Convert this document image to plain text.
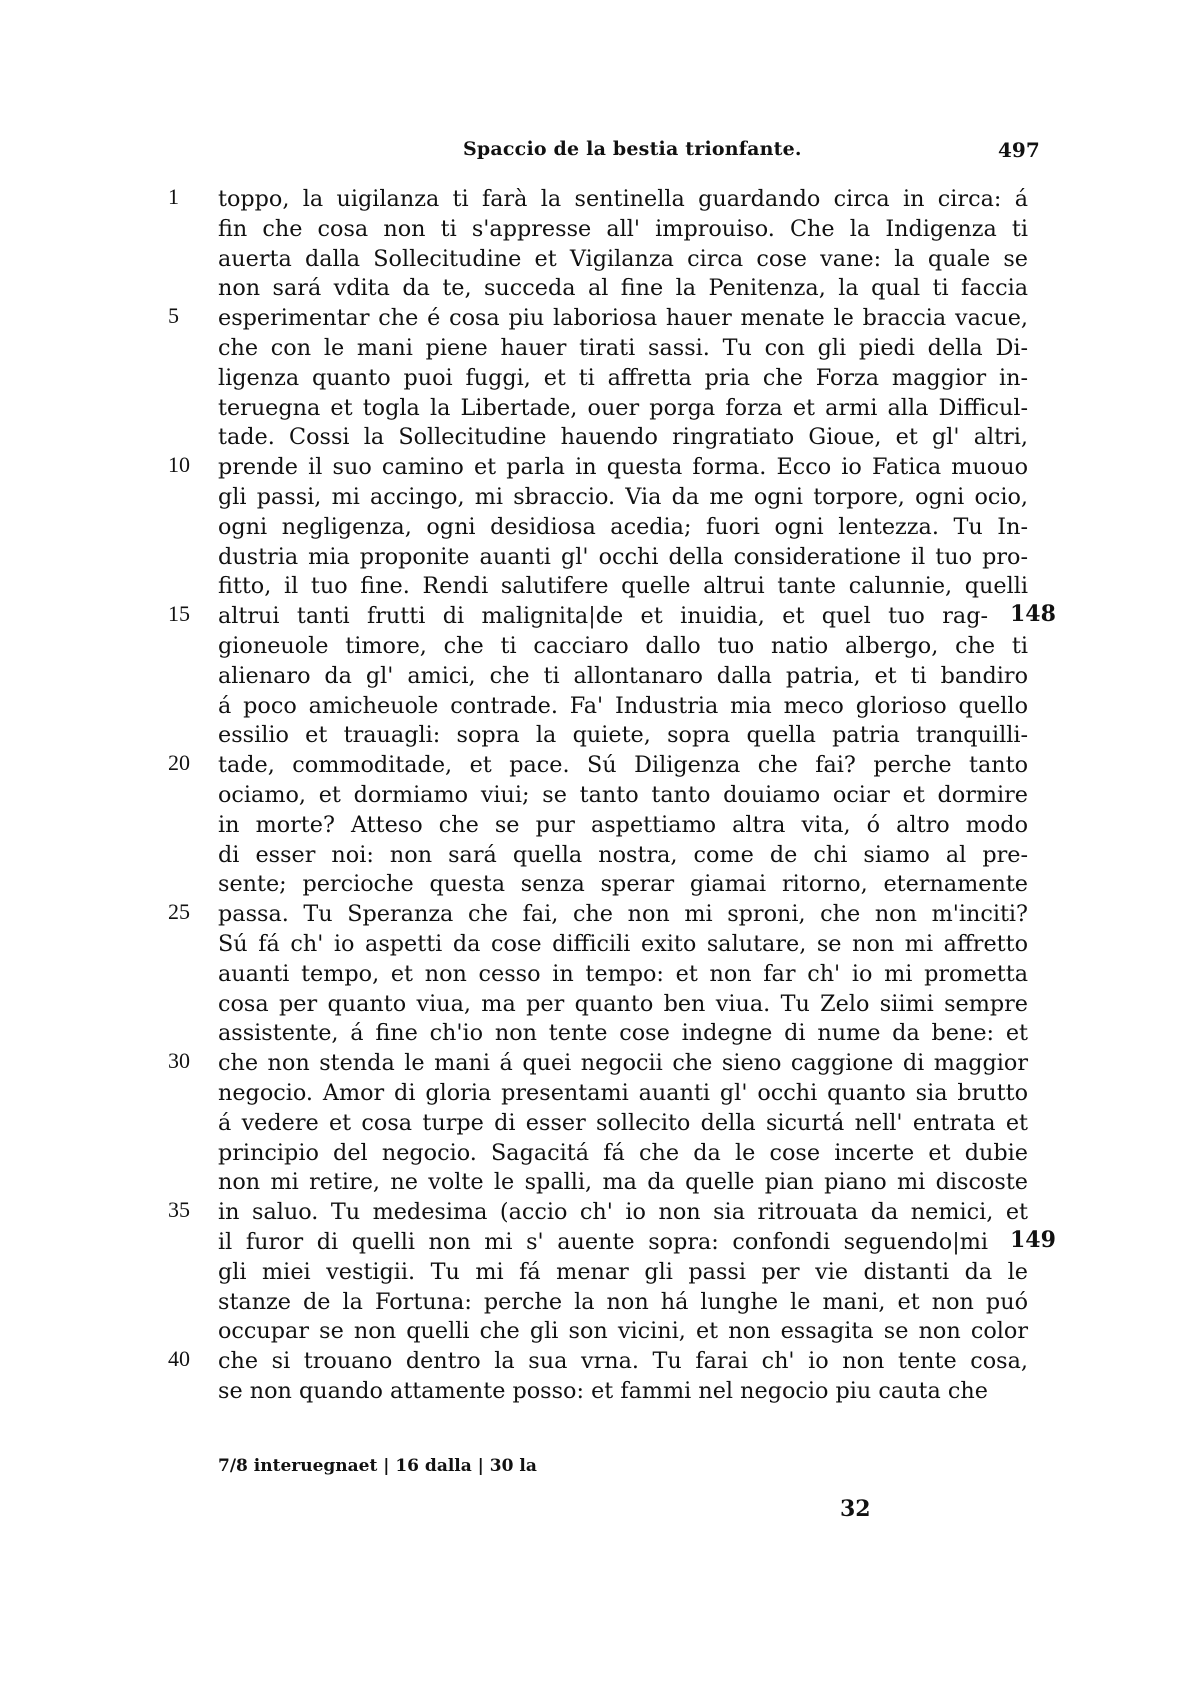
Spaccio de la bestia trionfante.	497
1	toppo, la uigilanza ti farà la sentinella guardando circa in circa: á
fin che cosa non ti s'appresse all' improuiso. Che la Indigenza ti
auerta dalla Sollecitudine et Vigilanza circa cose vane: la quale se
non sará vdita da te, succeda al fine la Penitenza, la qual ti faccia
5	esperimentar che é cosa piu laboriosa hauer menate le braccia vacue,
che con le mani piene hauer tirati sassi. Tu con gli piedi della Di-
ligenza quanto puoi fuggi, et ti affretta pria che Forza maggior in-
teruegna et togla la Libertade, ouer porga forza et armi alla Difficul-
tade. Cossi la Sollecitudine hauendo ringratiato Gioue, et gl' altri,
10	prende il suo camino et parla in questa forma. Ecco io Fatica muouo
gli passi, mi accingo, mi sbraccio. Via da me ogni torpore, ogni ocio,
ogni negligenza, ogni desidiosa acedia; fuori ogni lentezza. Tu In-
dustria mia proponite auanti gl' occhi della consideratione il tuo pro-
fitto, il tuo fine. Rendi salutifere quelle altrui tante calunnie, quelli
15	altrui tanti frutti di malignita|de et inuidia, et quel tuo rag- 148
gioneuole timore, che ti cacciaro dallo tuo natio albergo, che ti
alienaro da gl' amici, che ti allontanaro dalla patria, et ti bandiro
á poco amicheuole contrade. Fa' Industria mia meco glorioso quello
essilio et trauagli: sopra la quiete, sopra quella patria tranquilli-
20	tade, commoditade, et pace. Sú Diligenza che fai? perche tanto
ociamo, et dormiamo viui; se tanto tanto douiamo ociar et dormire
in morte? Atteso che se pur aspettiamo altra vita, ó altro modo
di esser noi: non sará quella nostra, come de chi siamo al pre-
sente; percioche questa senza sperar giamai ritorno, eternamente
25	passa. Tu Speranza che fai, che non mi sproni, che non m'inciti?
Sú fá ch' io aspetti da cose difficili exito salutare, se non mi affretto
auanti tempo, et non cesso in tempo: et non far ch' io mi prometta
cosa per quanto viua, ma per quanto ben viua. Tu Zelo siimi sempre
assistente, á fine ch'io non tente cose indegne di nume da bene: et
30	che non stenda le mani á quei negocii che sieno caggione di maggior
negocio. Amor di gloria presentami auanti gl' occhi quanto sia brutto
á vedere et cosa turpe di esser sollecito della sicurtá nell' entrata et
principio del negocio. Sagacitá fá che da le cose incerte et dubie
non mi retire, ne volte le spalli, ma da quelle pian piano mi discoste
35	in saluo. Tu medesima (accio ch' io non sia ritrouata da nemici, et
il furor di quelli non mi s' auente sopra: confondi seguendo|mi 149
gli miei vestigii. Tu mi fá menar gli passi per vie distanti da le
stanze de la Fortuna: perche la non há lunghe le mani, et non puó
occupar se non quelli che gli son vicini, et non essagita se non color
40	che si trouano dentro la sua vrna. Tu farai ch' io non tente cosa,
se non quando attamente posso: et fammi nel negocio piu cauta che
7/8 interuegnaet | 16 dalla | 30 la
32
